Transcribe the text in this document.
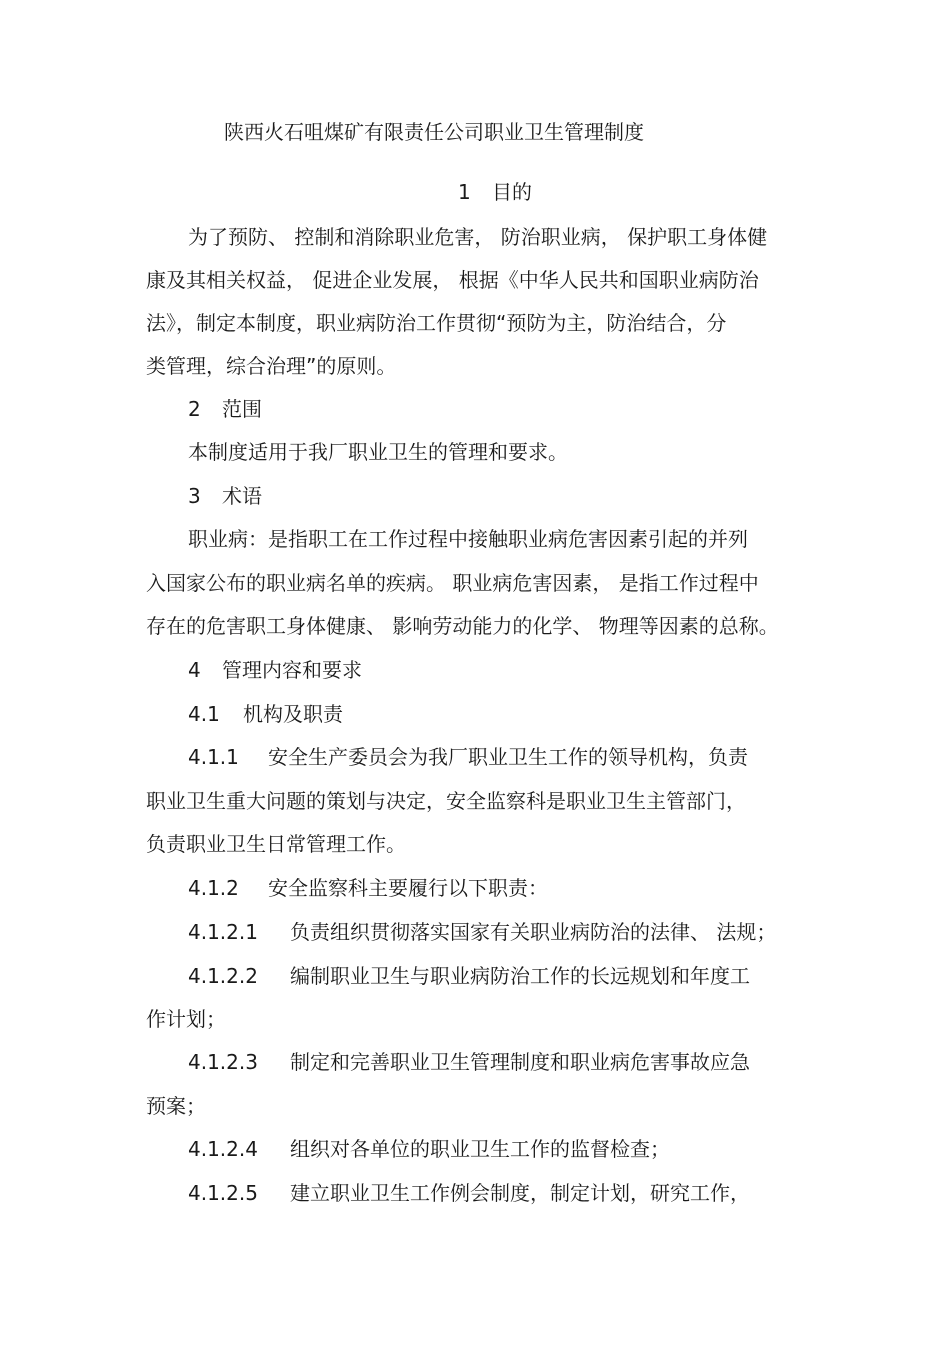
陕西火石咀煤矿有限责任公司职业卫生管理制度
1 目的
为了预防、 控制和消除职业危害， 防治职业病， 保护职工身体健
康及其相关权益， 促进企业发展， 根据《中华人民共和国职业病防治
法》，制定本制度，职业病防治工作贯彻“预防为主，防治结合，分
类管理，综合治理”的原则。
2 范围
本制度适用于我厂职业卫生的管理和要求。
3 术语
职业病：是指职工在工作过程中接触职业病危害因素引起的并列
入国家公布的职业病名单的疾病。 职业病危害因素， 是指工作过程中
存在的危害职工身体健康、 影响劳动能力的化学、 物理等因素的总称。
4 管理内容和要求
4.1 机构及职责
4.1.1 安全生产委员会为我厂职业卫生工作的领导机构，负责
职业卫生重大问题的策划与决定，安全监察科是职业卫生主管部门，
负责职业卫生日常管理工作。
4.1.2 安全监察科主要履行以下职责：
4.1.2.1 负责组织贯彻落实国家有关职业病防治的法律、 法规；
4.1.2.2 编制职业卫生与职业病防治工作的长远规划和年度工
作计划；
4.1.2.3 制定和完善职业卫生管理制度和职业病危害事故应急
预案；
4.1.2.4 组织对各单位的职业卫生工作的监督检查；
4.1.2.5 建立职业卫生工作例会制度，制定计划，研究工作，
